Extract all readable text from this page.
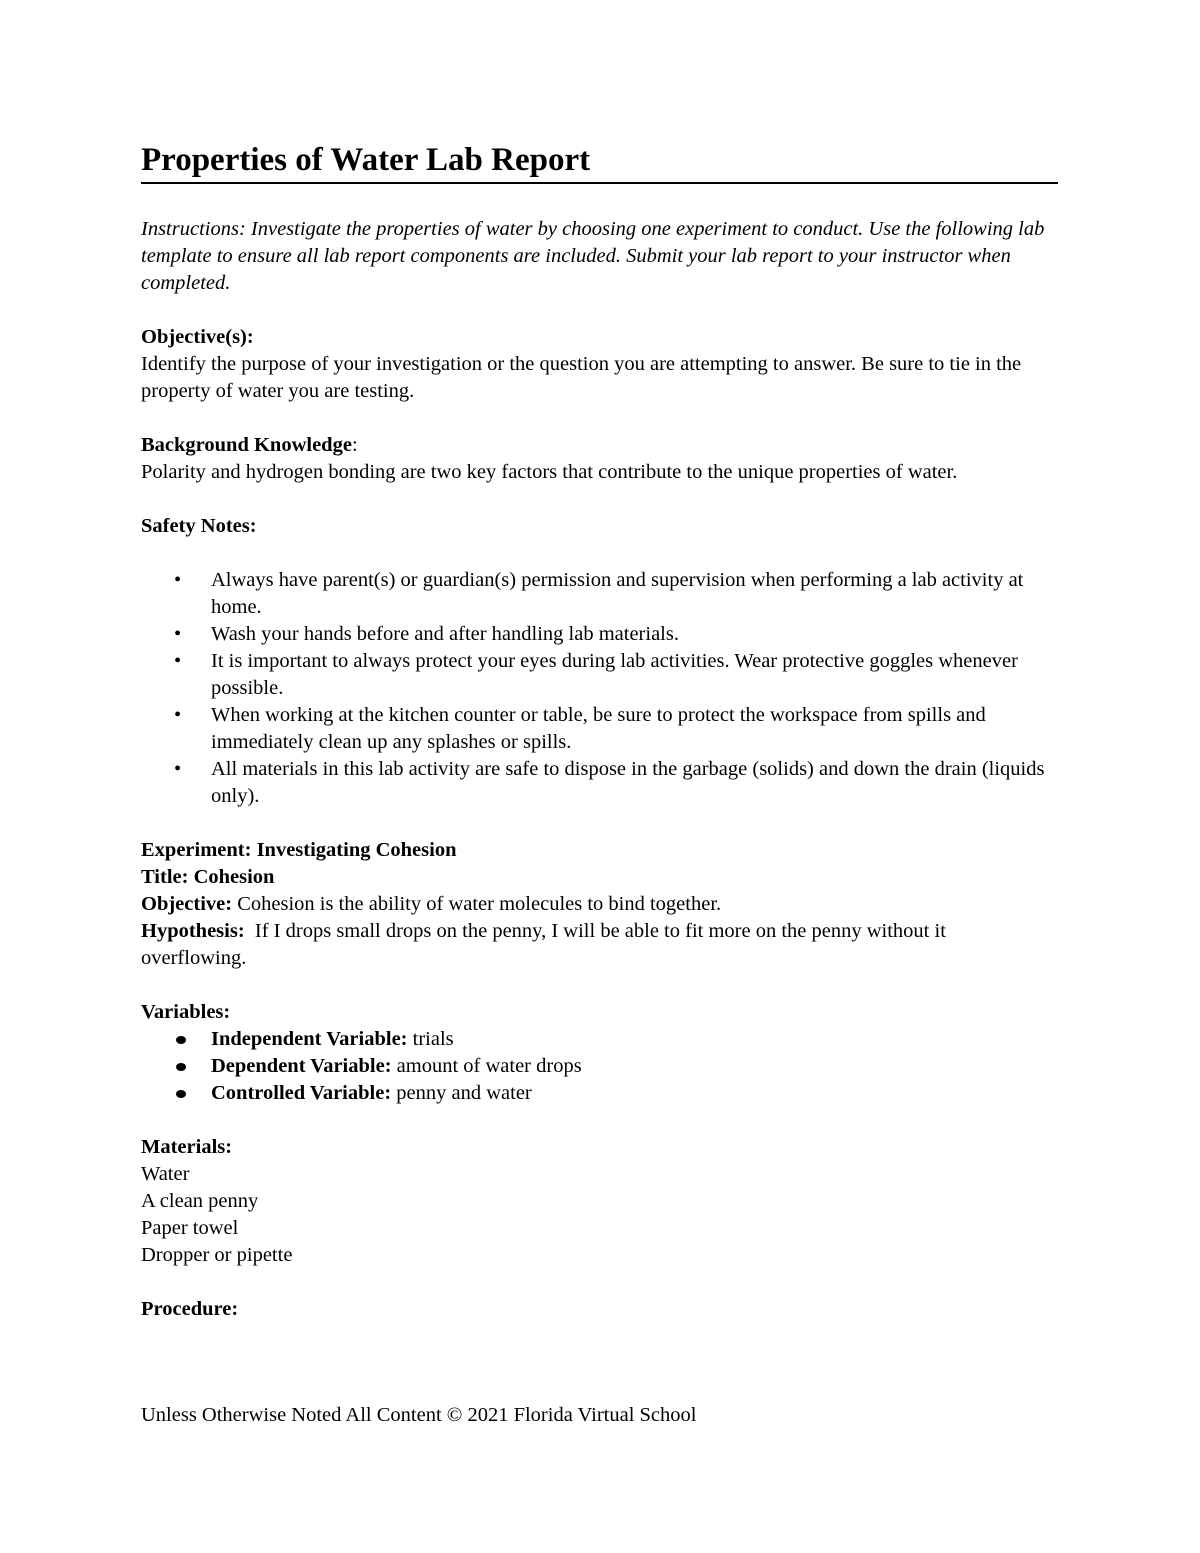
Properties of Water Lab Report

Instructions: Investigate the properties of water by choosing one experiment to conduct. Use the following lab template to ensure all lab report components are included. Submit your lab report to your instructor when completed.

Objective(s):

Identify the purpose of your investigation or the question you are attempting to answer. Be sure to tie in the property of water you are testing.

Background Knowledge:

Polarity and hydrogen bonding are two key factors that contribute to the unique properties of water.

Safety Notes:

• Always have parent(s) or guardian(s) permission and supervision when performing a lab activity at home.
• Wash your hands before and after handling lab materials.
• It is important to always protect your eyes during lab activities. Wear protective goggles whenever possible.
• When working at the kitchen counter or table, be sure to protect the workspace from spills and immediately clean up any splashes or spills.
• All materials in this lab activity are safe to dispose in the garbage (solids) and down the drain (liquids only).

Experiment: Investigating Cohesion

Title: Cohesion

Objective: Cohesion is the ability of water molecules to bind together.

Hypothesis: If I drops small drops on the penny, I will be able to fit more on the penny without it overflowing.

Variables:

Independent Variable: trials
Dependent Variable: amount of water drops
Controlled Variable: penny and water

Materials:

Water
A clean penny
Paper towel
Dropper or pipette

Procedure:

Unless Otherwise Noted All Content © 2021 Florida Virtual School
